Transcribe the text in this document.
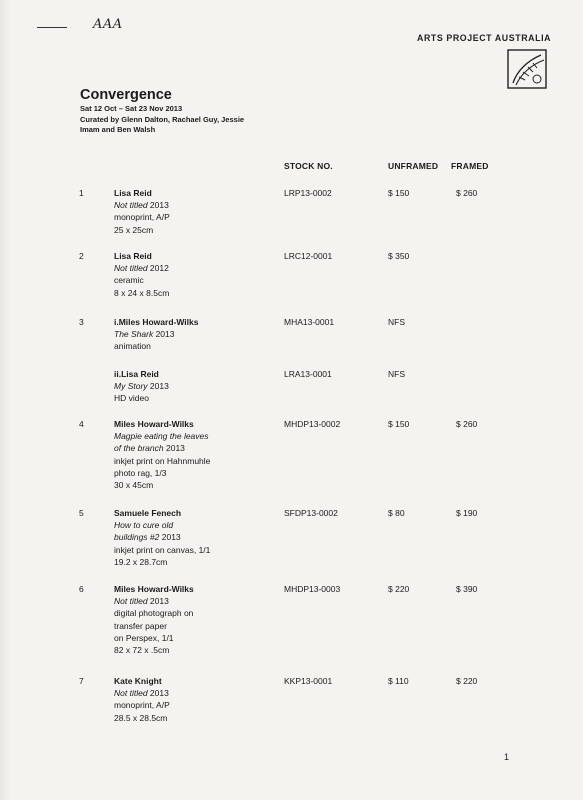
AAA
ARTS PROJECT AUSTRALIA
Convergence
Sat 12 Oct – Sat 23 Nov 2013
Curated by Glenn Dalton, Rachael Guy, Jessie Imam and Ben Walsh
STOCK NO.	UNFRAMED FRAMED
1	Lisa Reid
Not titled 2013
monoprint, A/P
25 x 25cm
LRP13-0002	$ 150	$ 260
2	Lisa Reid
Not titled 2012
ceramic
8 x 24 x 8.5cm
LRC12-0001	$ 350
3	i.Miles Howard-Wilks
The Shark 2013
animation
MHA13-0001	NFS
ii.Lisa Reid
My Story 2013
HD video
LRA13-0001	NFS
4	Miles Howard-Wilks
Magpie eating the leaves
of the branch 2013
inkjet print on Hahnmuhle
photo rag, 1/3
30 x 45cm
MHDP13-0002	$ 150	$ 260
5	Samuele Fenech
How to cure old
buildings #2 2013
inkjet print on canvas, 1/1
19.2 x 28.7cm
SFDP13-0002	$ 80	$ 190
6	Miles Howard-Wilks
Not titled 2013
digital photograph on
transfer paper
on Perspex, 1/1
82 x 72 x .5cm
MHDP13-0003	$ 220	$ 390
7	Kate Knight
Not titled 2013
monoprint, A/P
28.5 x 28.5cm
KKP13-0001	$ 110	$ 220
1
